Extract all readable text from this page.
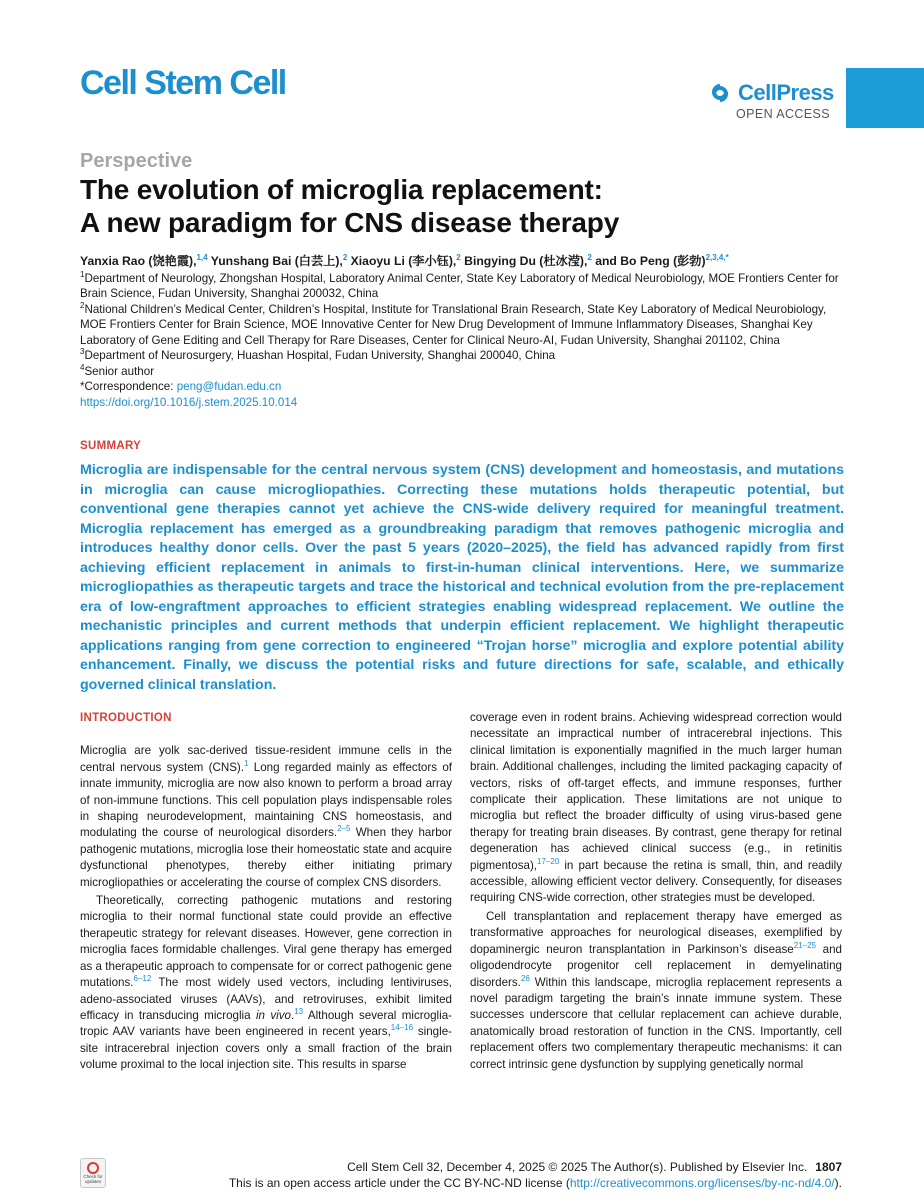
Cell Stem Cell	CellPress
OPEN ACCESS
Perspective
The evolution of microglia replacement:
A new paradigm for CNS disease therapy
Yanxia Rao (饶艳霞),$^{1,4}$ Yunshang Bai (白芸上),$^2$ Xiaoyu Li (李小钰),$^2$ Bingying Du (杜冰滢),$^2$ and Bo Peng (彭勃)$^{2,3,4,*}$
$^1$Department of Neurology, Zhongshan Hospital, Laboratory Animal Center, State Key Laboratory of Medical Neurobiology, MOE Frontiers Center for Brain Science, Fudan University, Shanghai 200032, China
$^2$National Children’s Medical Center, Children’s Hospital, Institute for Translational Brain Research, State Key Laboratory of Medical Neurobiology, MOE Frontiers Center for Brain Science, MOE Innovative Center for New Drug Development of Immune Inflammatory Diseases, Shanghai Key Laboratory of Gene Editing and Cell Therapy for Rare Diseases, Center for Clinical Neuro-AI, Fudan University, Shanghai 201102, China
$^3$Department of Neurosurgery, Huashan Hospital, Fudan University, Shanghai 200040, China
$^4$Senior author
*Correspondence: peng@fudan.edu.cn
https://doi.org/10.1016/j.stem.2025.10.014
SUMMARY
Microglia are indispensable for the central nervous system (CNS) development and homeostasis, and mutations in microglia can cause microgliopathies. Correcting these mutations holds therapeutic potential, but conventional gene therapies cannot yet achieve the CNS-wide delivery required for meaningful treatment. Microglia replacement has emerged as a groundbreaking paradigm that removes pathogenic microglia and introduces healthy donor cells. Over the past 5 years (2020–2025), the field has advanced rapidly from first achieving efficient replacement in animals to first-in-human clinical interventions. Here, we summarize microgliopathies as therapeutic targets and trace the historical and technical evolution from the pre-replacement era of low-engraftment approaches to efficient strategies enabling widespread replacement. We outline the mechanistic principles and current methods that underpin efficient replacement. We highlight therapeutic applications ranging from gene correction to engineered “Trojan horse” microglia and explore potential ability enhancement. Finally, we discuss the potential risks and future directions for safe, scalable, and ethically governed clinical translation.
INTRODUCTION

Microglia are yolk sac-derived tissue-resident immune cells in the central nervous system (CNS).$^1$ Long regarded mainly as effectors of innate immunity, microglia are now also known to perform a broad array of non-immune functions. This cell population plays indispensable roles in shaping neurodevelopment, maintaining CNS homeostasis, and modulating the course of neurological disorders.$^{2-5}$ When they harbor pathogenic mutations, microglia lose their homeostatic state and acquire dysfunctional phenotypes, thereby either initiating primary microgliopathies or accelerating the course of complex CNS disorders.

Theoretically, correcting pathogenic mutations and restoring microglia to their normal functional state could provide an effective therapeutic strategy for relevant diseases. However, gene correction in microglia faces formidable challenges. Viral gene therapy has emerged as a therapeutic approach to compensate for or correct pathogenic gene mutations.$^{6-12}$ The most widely used vectors, including lentiviruses, adeno-associated viruses (AAVs), and retroviruses, exhibit limited efficacy in transducing microglia in vivo.$^{13}$ Although several microglia-tropic AAV variants have been engineered in recent years,$^{14-16}$ single-site intracerebral injection covers only a small fraction of the brain volume proximal to the local injection site. This results in sparse

coverage even in rodent brains. Achieving widespread correction would necessitate an impractical number of intracerebral injections. This clinical limitation is exponentially magnified in the much larger human brain. Additional challenges, including the limited packaging capacity of vectors, risks of off-target effects, and immune responses, further complicate their application. These limitations are not unique to microglia but reflect the broader difficulty of using virus-based gene therapy for treating brain diseases. By contrast, gene therapy for retinal degeneration has achieved clinical success (e.g., in retinitis pigmentosa),$^{17-20}$ in part because the retina is small, thin, and readily accessible, allowing efficient vector delivery. Consequently, for diseases requiring CNS-wide correction, other strategies must be developed.

Cell transplantation and replacement therapy have emerged as transformative approaches for neurological diseases, exemplified by dopaminergic neuron transplantation in Parkinson’s disease$^{21-25}$ and oligodendrocyte progenitor cell replacement in demyelinating disorders.$^{26}$ Within this landscape, microglia replacement represents a novel paradigm targeting the brain’s innate immune system. These successes underscore that cellular replacement can achieve durable, anatomically broad restoration of function in the CNS. Importantly, cell replacement offers two complementary therapeutic mechanisms: it can correct intrinsic gene dysfunction by supplying genetically normal

Check for updates
Cell Stem Cell 32, December 4, 2025 © 2025 The Author(s). Published by Elsevier Inc. 1807
This is an open access article under the CC BY-NC-ND license (http://creativecommons.org/licenses/by-nc-nd/4.0/).
